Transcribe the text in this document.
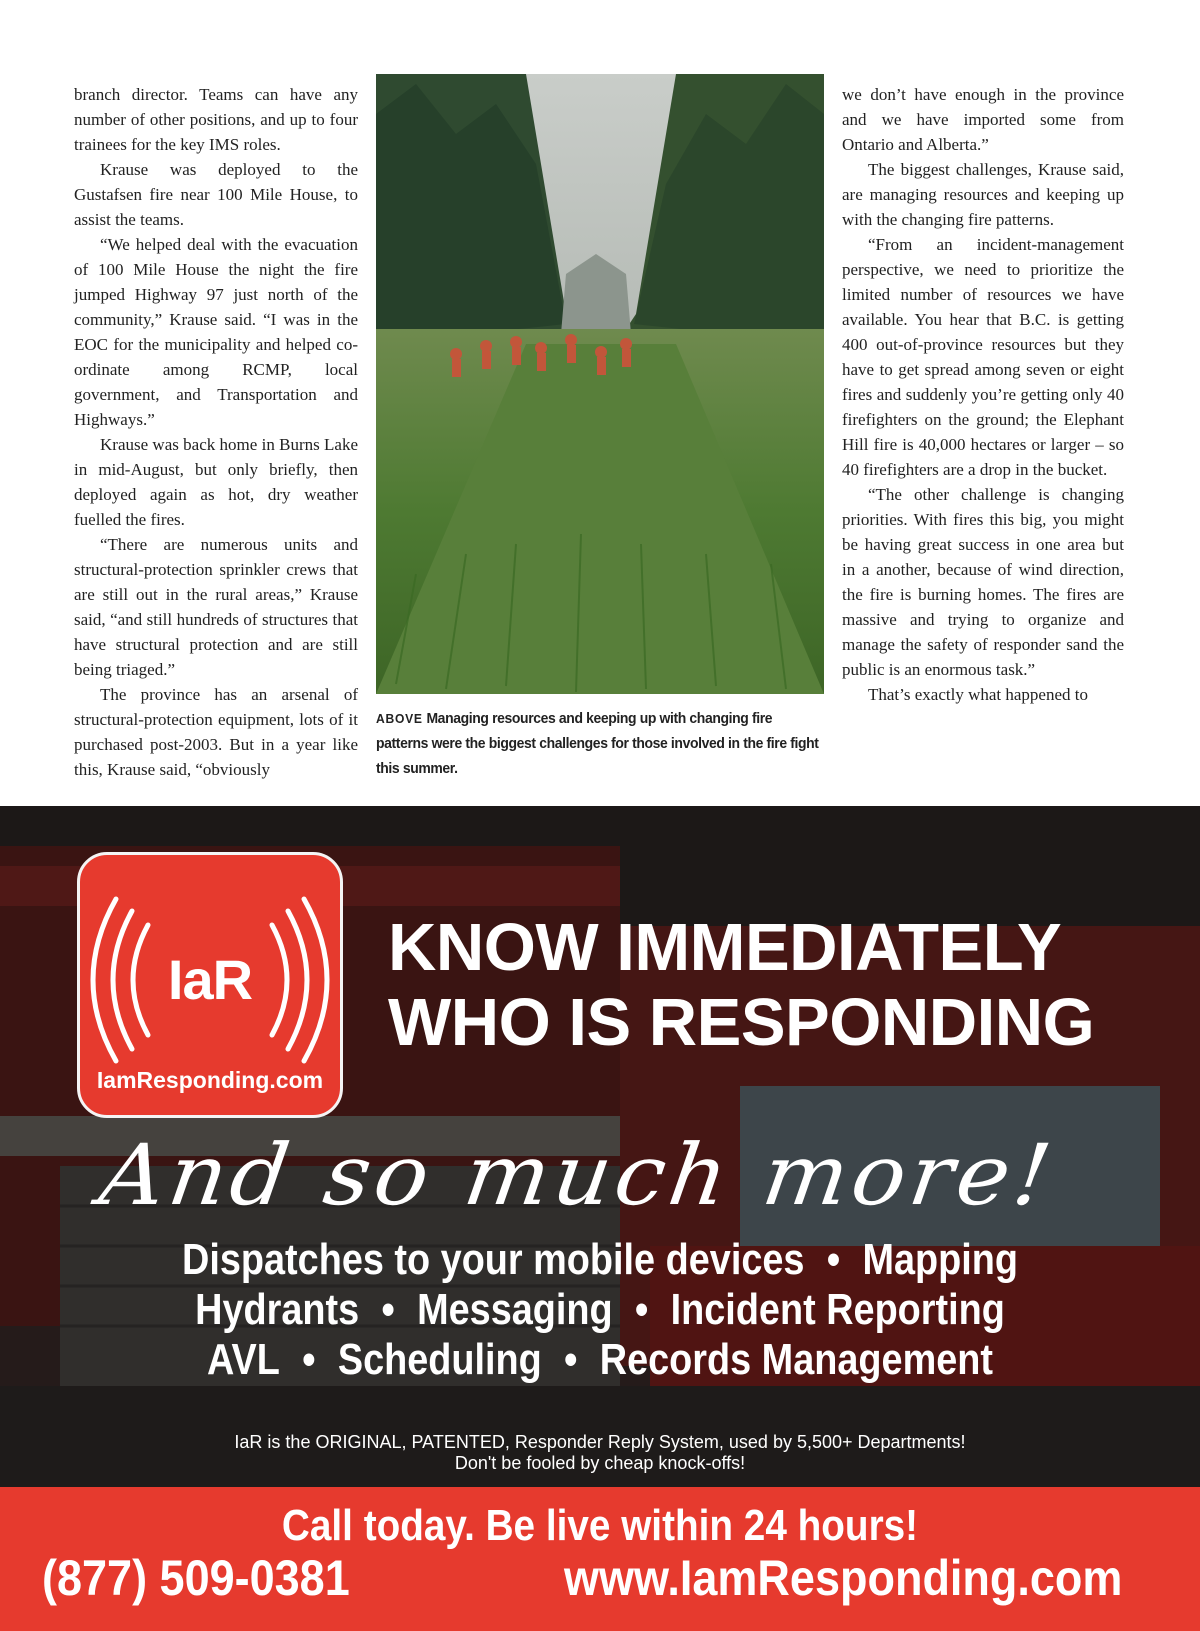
branch director. Teams can have any number of other positions, and up to four trainees for the key IMS roles.

Krause was deployed to the Gustafsen fire near 100 Mile House, to assist the teams.

“We helped deal with the evacuation of 100 Mile House the night the fire jumped Highway 97 just north of the community,” Krause said. “I was in the EOC for the municipality and helped co-ordinate among RCMP, local government, and Transportation and Highways.”

Krause was back home in Burns Lake in mid-August, but only briefly, then deployed again as hot, dry weather fuelled the fires.

“There are numerous units and structural-protection sprinkler crews that are still out in the rural areas,” Krause said, “and still hundreds of structures that have structural protection and are still being triaged.”

The province has an arsenal of structural-protection equipment, lots of it purchased post-2003. But in a year like this, Krause said, “obviously

ABOVE Managing resources and keeping up with changing fire patterns were the biggest challenges for those involved in the fire fight this summer.

we don’t have enough in the province and we have imported some from Ontario and Alberta.”

The biggest challenges, Krause said, are managing resources and keeping up with the changing fire patterns.

“From an incident-management perspective, we need to prioritize the limited number of resources we have available. You hear that B.C. is getting 400 out-of-province resources but they have to get spread among seven or eight fires and suddenly you’re getting only 40 firefighters on the ground; the Elephant Hill fire is 40,000 hectares or larger – so 40 firefighters are a drop in the bucket.

“The other challenge is changing priorities. With fires this big, you might be having great success in one area but in a another, because of wind direction, the fire is burning homes. The fires are massive and trying to organize and manage the safety of responder sand the public is an enormous task.”

That’s exactly what happened to

IaR
IamResponding.com
KNOW IMMEDIATELY
WHO IS RESPONDING
And so much more!
Dispatches to your mobile devices • Mapping
Hydrants • Messaging • Incident Reporting
AVL • Scheduling • Records Management
IaR is the ORIGINAL, PATENTED, Responder Reply System, used by 5,500+ Departments!
Don't be fooled by cheap knock-offs!
Call today. Be live within 24 hours!
(877) 509-0381	www.IamResponding.com
